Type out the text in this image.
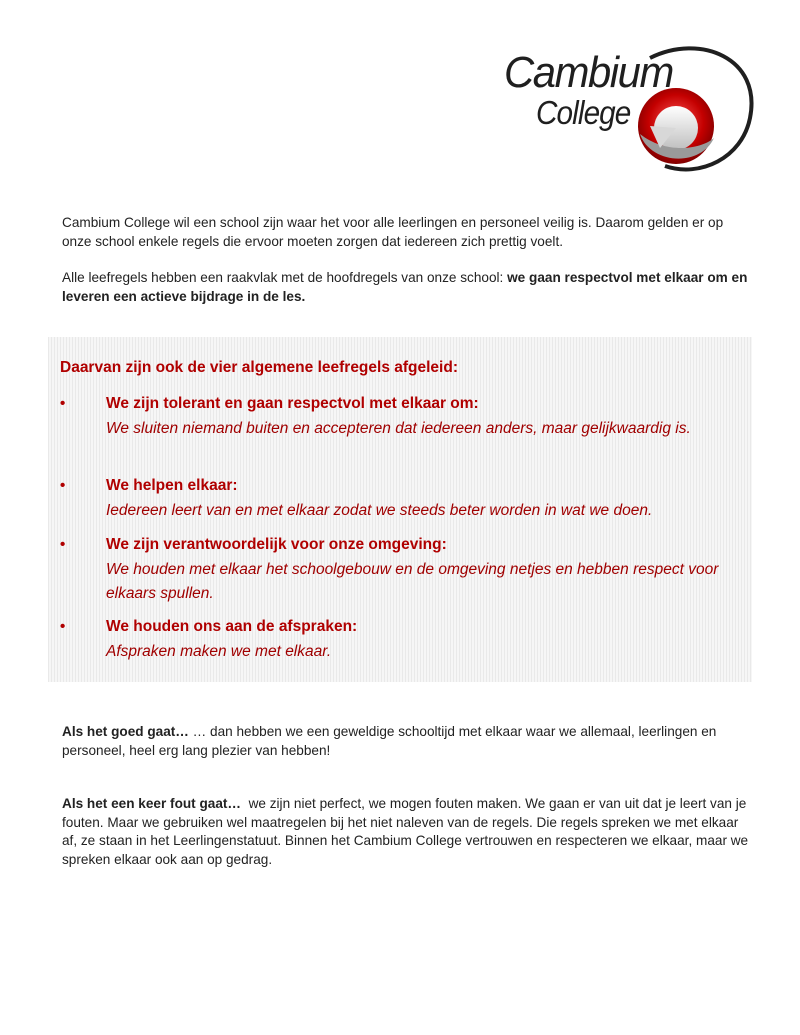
Cambium
College
Cambium College wil een school zijn waar het voor alle leerlingen en personeel veilig is. Daarom gelden er op onze school enkele regels die ervoor moeten zorgen dat iedereen zich prettig voelt.
Alle leefregels hebben een raakvlak met de hoofdregels van onze school: we gaan respectvol met elkaar om en leveren een actieve bijdrage in de les.
Daarvan zijn ook de vier algemene leefregels afgeleid:
•	We zijn tolerant en gaan respectvol met elkaar om:
We sluiten niemand buiten en accepteren dat iedereen anders, maar gelijkwaardig is.
•	We helpen elkaar:
Iedereen leert van en met elkaar zodat we steeds beter worden in wat we doen.
•	We zijn verantwoordelijk voor onze omgeving:
We houden met elkaar het schoolgebouw en de omgeving netjes en hebben respect voor elkaars spullen.
•	We houden ons aan de afspraken:
Afspraken maken we met elkaar.
Als het goed gaat… … dan hebben we een geweldige schooltijd met elkaar waar we allemaal, leerlingen en personeel, heel erg lang plezier van hebben!
Als het een keer fout gaat…  we zijn niet perfect, we mogen fouten maken. We gaan er van uit dat je leert van je fouten. Maar we gebruiken wel maatregelen bij het niet naleven van de regels. Die regels spreken we met elkaar af, ze staan in het Leerlingenstatuut. Binnen het Cambium College vertrouwen en respecteren we elkaar, maar we spreken elkaar ook aan op gedrag.
